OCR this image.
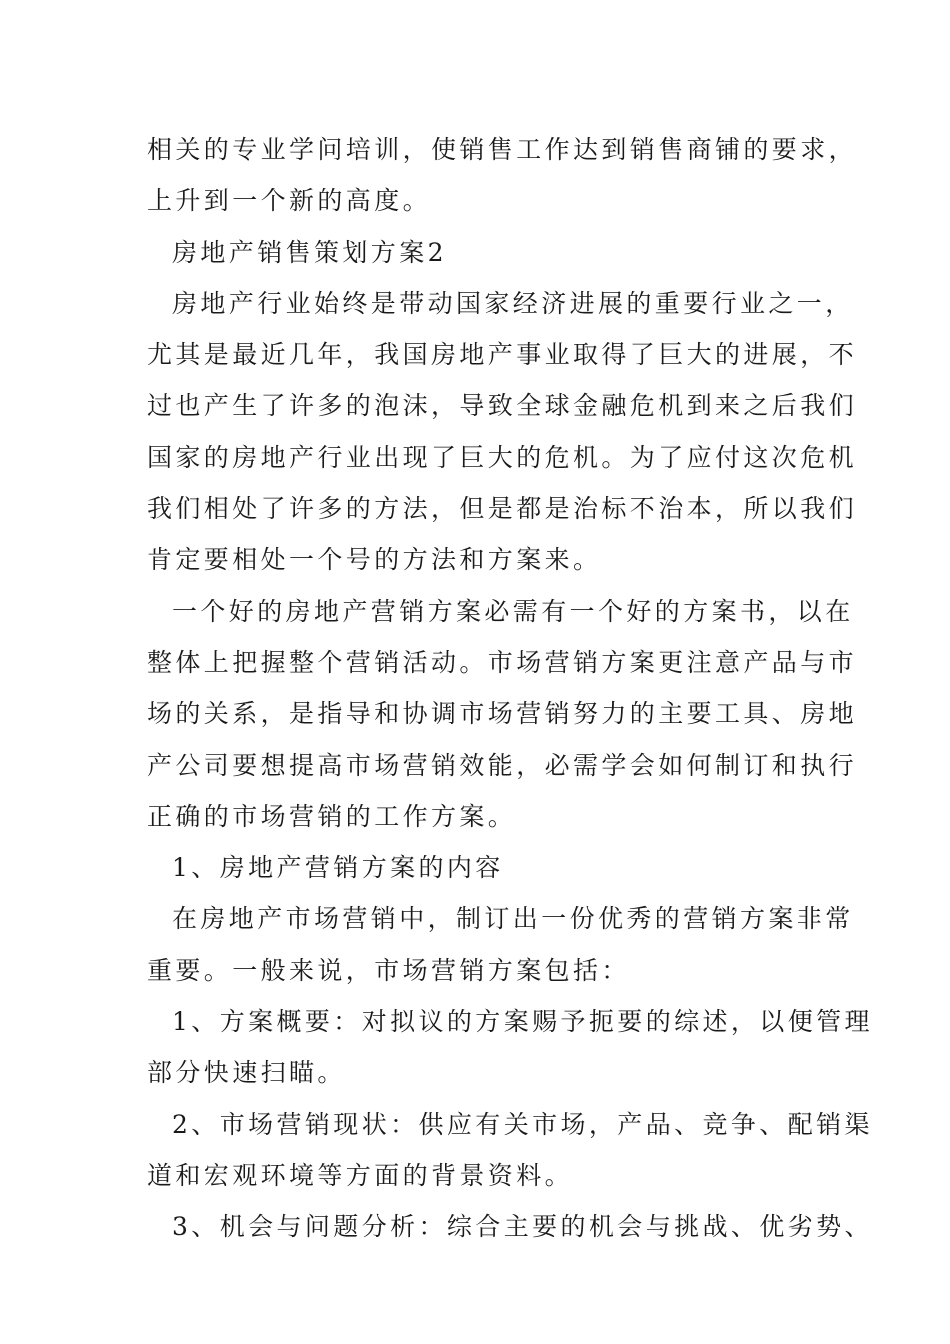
相关的专业学问培训，使销售工作达到销售商铺的要求，
上升到一个新的高度。
房地产销售策划方案2
房地产行业始终是带动国家经济进展的重要行业之一，
尤其是最近几年，我国房地产事业取得了巨大的进展，不
过也产生了许多的泡沫，导致全球金融危机到来之后我们
国家的房地产行业出现了巨大的危机。为了应付这次危机
我们相处了许多的方法，但是都是治标不治本，所以我们
肯定要相处一个号的方法和方案来。
一个好的房地产营销方案必需有一个好的方案书，以在
整体上把握整个营销活动。市场营销方案更注意产品与市
场的关系，是指导和协调市场营销努力的主要工具、房地
产公司要想提高市场营销效能，必需学会如何制订和执行
正确的市场营销的工作方案。
1、房地产营销方案的内容
在房地产市场营销中，制订出一份优秀的营销方案非常
重要。一般来说，市场营销方案包括：
1、方案概要：对拟议的方案赐予扼要的综述，以便管理
部分快速扫瞄。
2、市场营销现状：供应有关市场，产品、竞争、配销渠
道和宏观环境等方面的背景资料。
3、机会与问题分析：综合主要的机会与挑战、优劣势、
